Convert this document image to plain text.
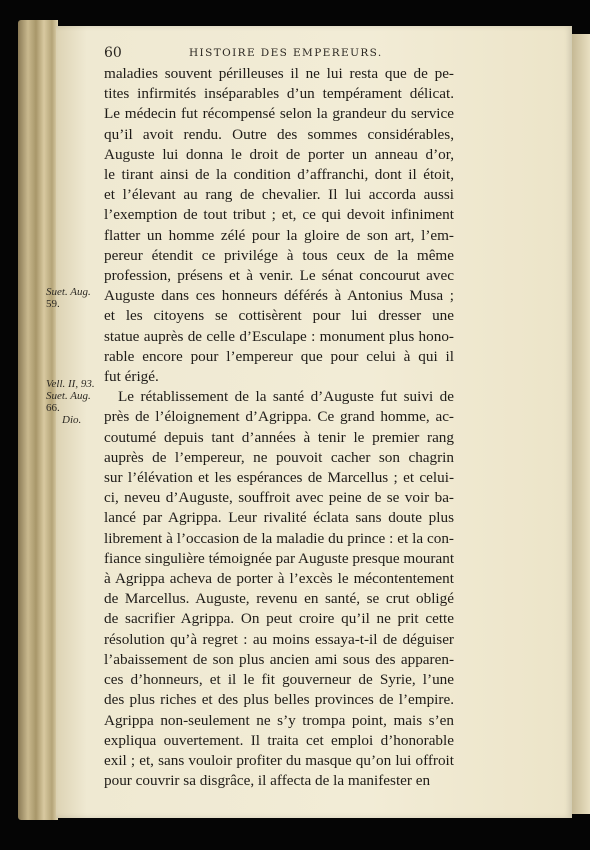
60	HISTOIRE DES EMPEREURS.
Suet. Aug.
59.
Vell. II, 93.
Suet. Aug.
66.
Dio.
maladies souvent périlleuses il ne lui resta que de pe-
tites infirmités inséparables d’un tempérament délicat.
Le médecin fut récompensé selon la grandeur du service
qu’il avoit rendu. Outre des sommes considérables,
Auguste lui donna le droit de porter un anneau d’or,
le tirant ainsi de la condition d’affranchi, dont il étoit,
et l’élevant au rang de chevalier. Il lui accorda aussi
l’exemption de tout tribut ; et, ce qui devoit infiniment
flatter un homme zélé pour la gloire de son art, l’em-
pereur étendit ce privilége à tous ceux de la même
profession, présens et à venir. Le sénat concourut avec
Auguste dans ces honneurs déférés à Antonius Musa ;
et les citoyens se cottisèrent pour lui dresser une
statue auprès de celle d’Esculape : monument plus hono-
rable encore pour l’empereur que pour celui à qui il
fut érigé.
Le rétablissement de la santé d’Auguste fut suivi de
près de l’éloignement d’Agrippa. Ce grand homme, ac-
coutumé depuis tant d’années à tenir le premier rang
auprès de l’empereur, ne pouvoit cacher son chagrin
sur l’élévation et les espérances de Marcellus ; et celui-
ci, neveu d’Auguste, souffroit avec peine de se voir ba-
lancé par Agrippa. Leur rivalité éclata sans doute plus
librement à l’occasion de la maladie du prince : et la con-
fiance singulière témoignée par Auguste presque mourant
à Agrippa acheva de porter à l’excès le mécontentement
de Marcellus. Auguste, revenu en santé, se crut obligé
de sacrifier Agrippa. On peut croire qu’il ne prit cette
résolution qu’à regret : au moins essaya-t-il de déguiser
l’abaissement de son plus ancien ami sous des apparen-
ces d’honneurs, et il le fit gouverneur de Syrie, l’une
des plus riches et des plus belles provinces de l’empire.
Agrippa non-seulement ne s’y trompa point, mais s’en
expliqua ouvertement. Il traita cet emploi d’honorable
exil ; et, sans vouloir profiter du masque qu’on lui offroit
pour couvrir sa disgrâce, il affecta de la manifester en
